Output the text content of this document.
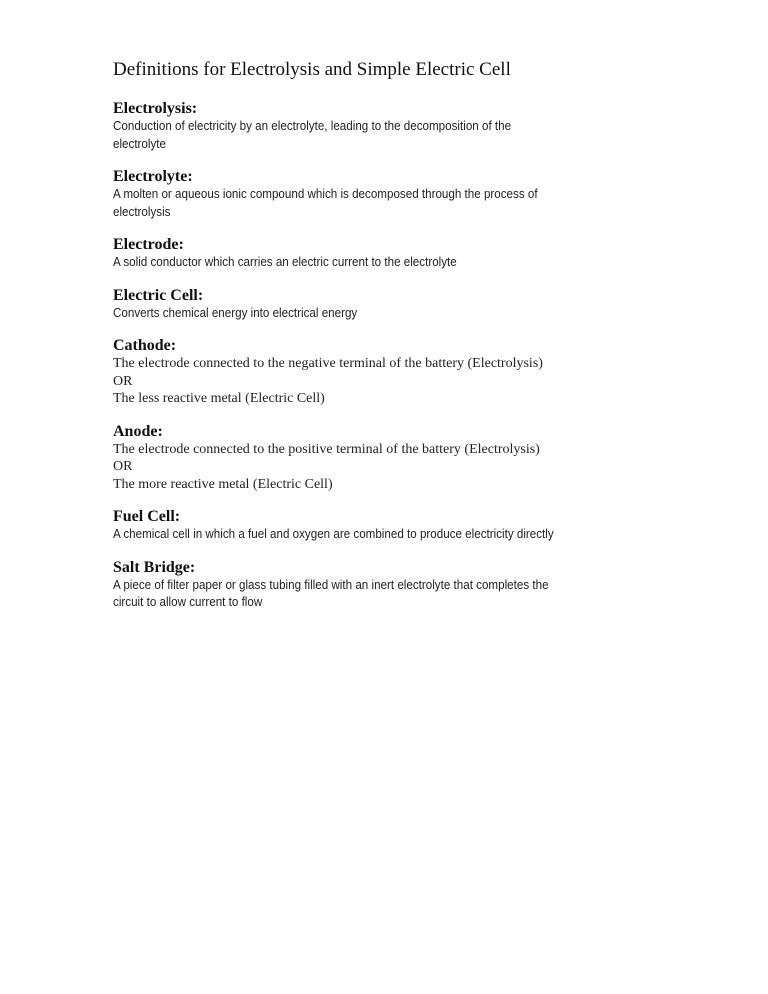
Definitions for Electrolysis and Simple Electric Cell
Electrolysis:
Conduction of electricity by an electrolyte, leading to the decomposition of the
electrolyte
Electrolyte:
A molten or aqueous ionic compound which is decomposed through the process of
electrolysis
Electrode:
A solid conductor which carries an electric current to the electrolyte
Electric Cell:
Converts chemical energy into electrical energy
Cathode:
The electrode connected to the negative terminal of the battery (Electrolysis)
OR
The less reactive metal (Electric Cell)
Anode:
The electrode connected to the positive terminal of the battery (Electrolysis)
OR
The more reactive metal (Electric Cell)
Fuel Cell:
A chemical cell in which a fuel and oxygen are combined to produce electricity directly
Salt Bridge:
A piece of filter paper or glass tubing filled with an inert electrolyte that completes the
circuit to allow current to flow
